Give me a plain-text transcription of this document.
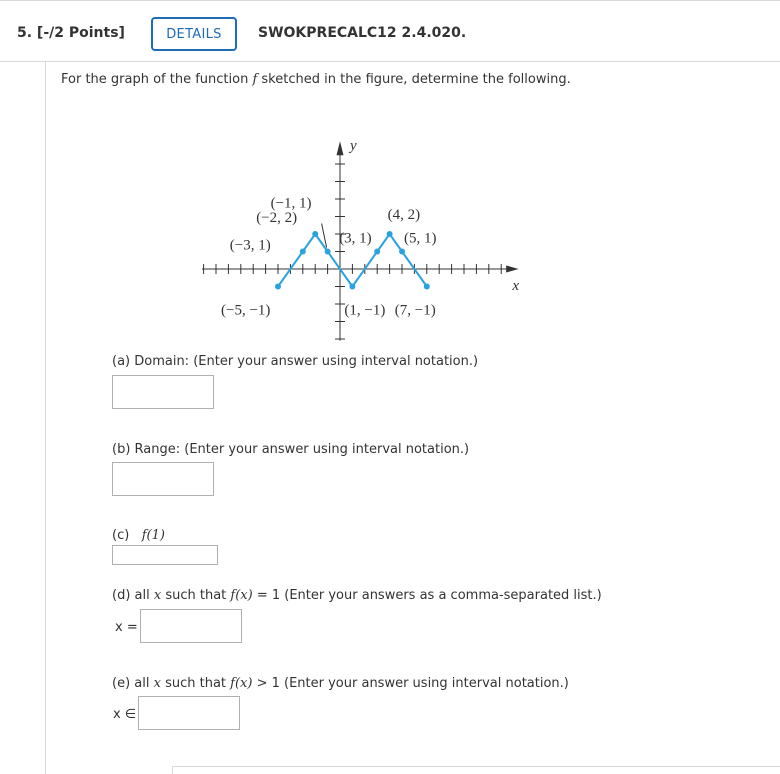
5. [-/2 Points]	DETAILS	SWOKPRECALC12 2.4.020.
For the graph of the function f sketched in the figure, determine the following.
y
x
(−5, −1)
(−3, 1)
(−2, 2)
(−1, 1)
(1, −1)
(3, 1)
(4, 2)
(5, 1)
(7, −1)
(a) Domain: (Enter your answer using interval notation.)
(b) Range: (Enter your answer using interval notation.)
(c) f(1)
(d) all x such that f(x) = 1 (Enter your answers as a comma-separated list.)
x =
(e) all x such that f(x) > 1 (Enter your answer using interval notation.)
x ∈
